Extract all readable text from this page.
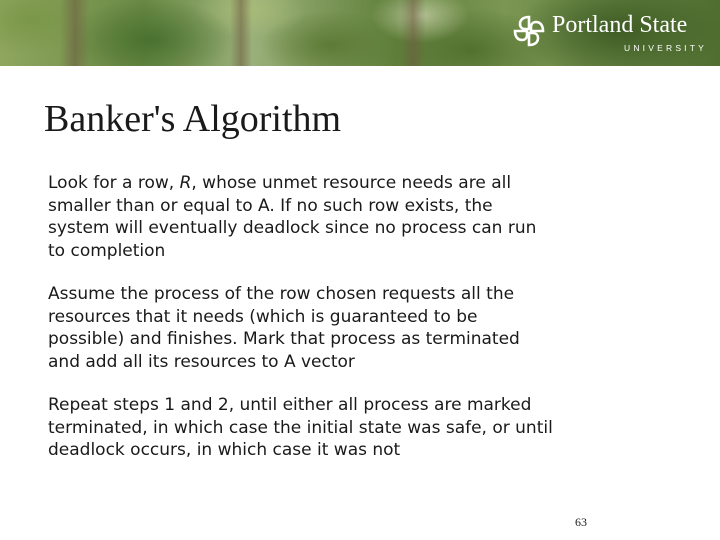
Portland State
UNIVERSITY
Banker's Algorithm

Look for a row, R, whose unmet resource needs are all
smaller than or equal to A. If no such row exists, the
system will eventually deadlock since no process can run
to completion

Assume the process of the row chosen requests all the
resources that it needs (which is guaranteed to be
possible) and finishes. Mark that process as terminated
and add all its resources to A vector

Repeat steps 1 and 2, until either all process are marked
terminated, in which case the initial state was safe, or until
deadlock occurs, in which case it was not

63
